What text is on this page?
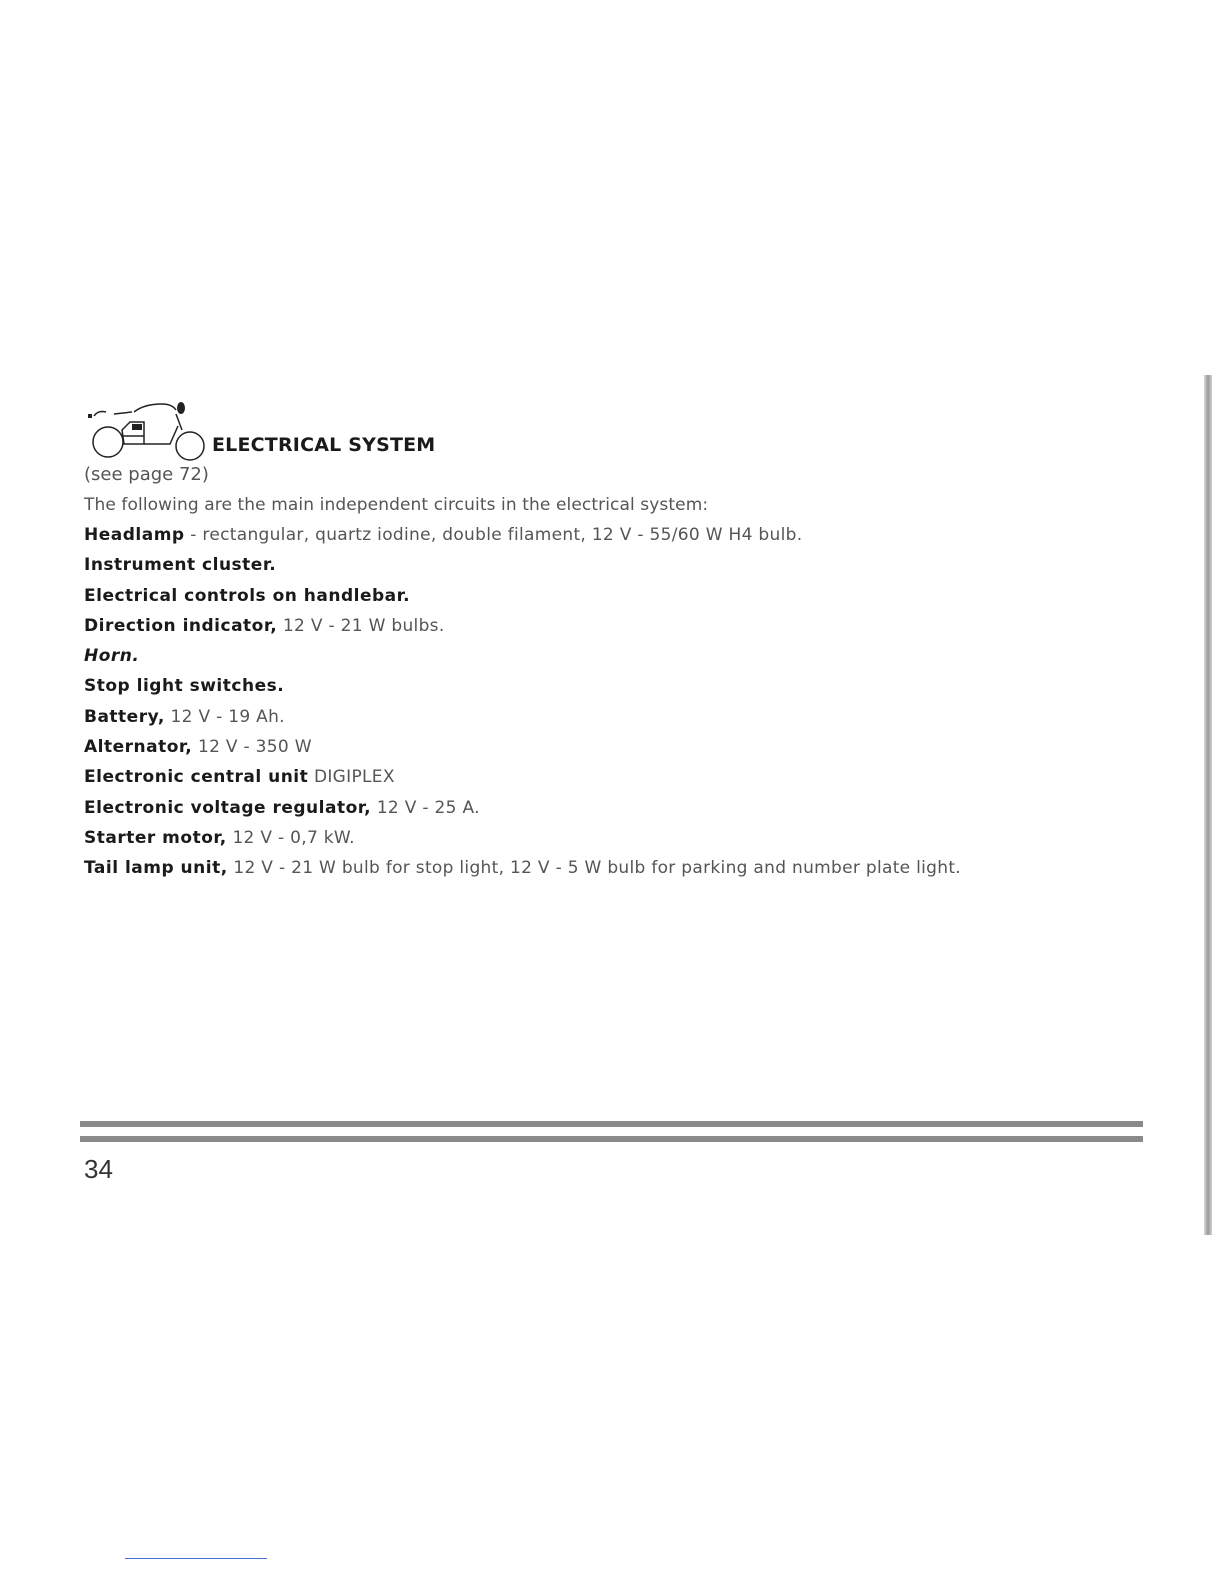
ELECTRICAL SYSTEM
(see page 72)
The following are the main independent circuits in the electrical system:
Headlamp - rectangular, quartz iodine, double filament, 12 V - 55/60 W H4 bulb.
Instrument cluster.
Electrical controls on handlebar.
Direction indicator, 12 V - 21 W bulbs.
Horn.
Stop light switches.
Battery, 12 V - 19 Ah.
Alternator, 12 V - 350 W
Electronic central unit DIGIPLEX
Electronic voltage regulator, 12 V - 25 A.
Starter motor, 12 V - 0,7 kW.
Tail lamp unit, 12 V - 21 W bulb for stop light, 12 V - 5 W bulb for parking and number plate light.
34
